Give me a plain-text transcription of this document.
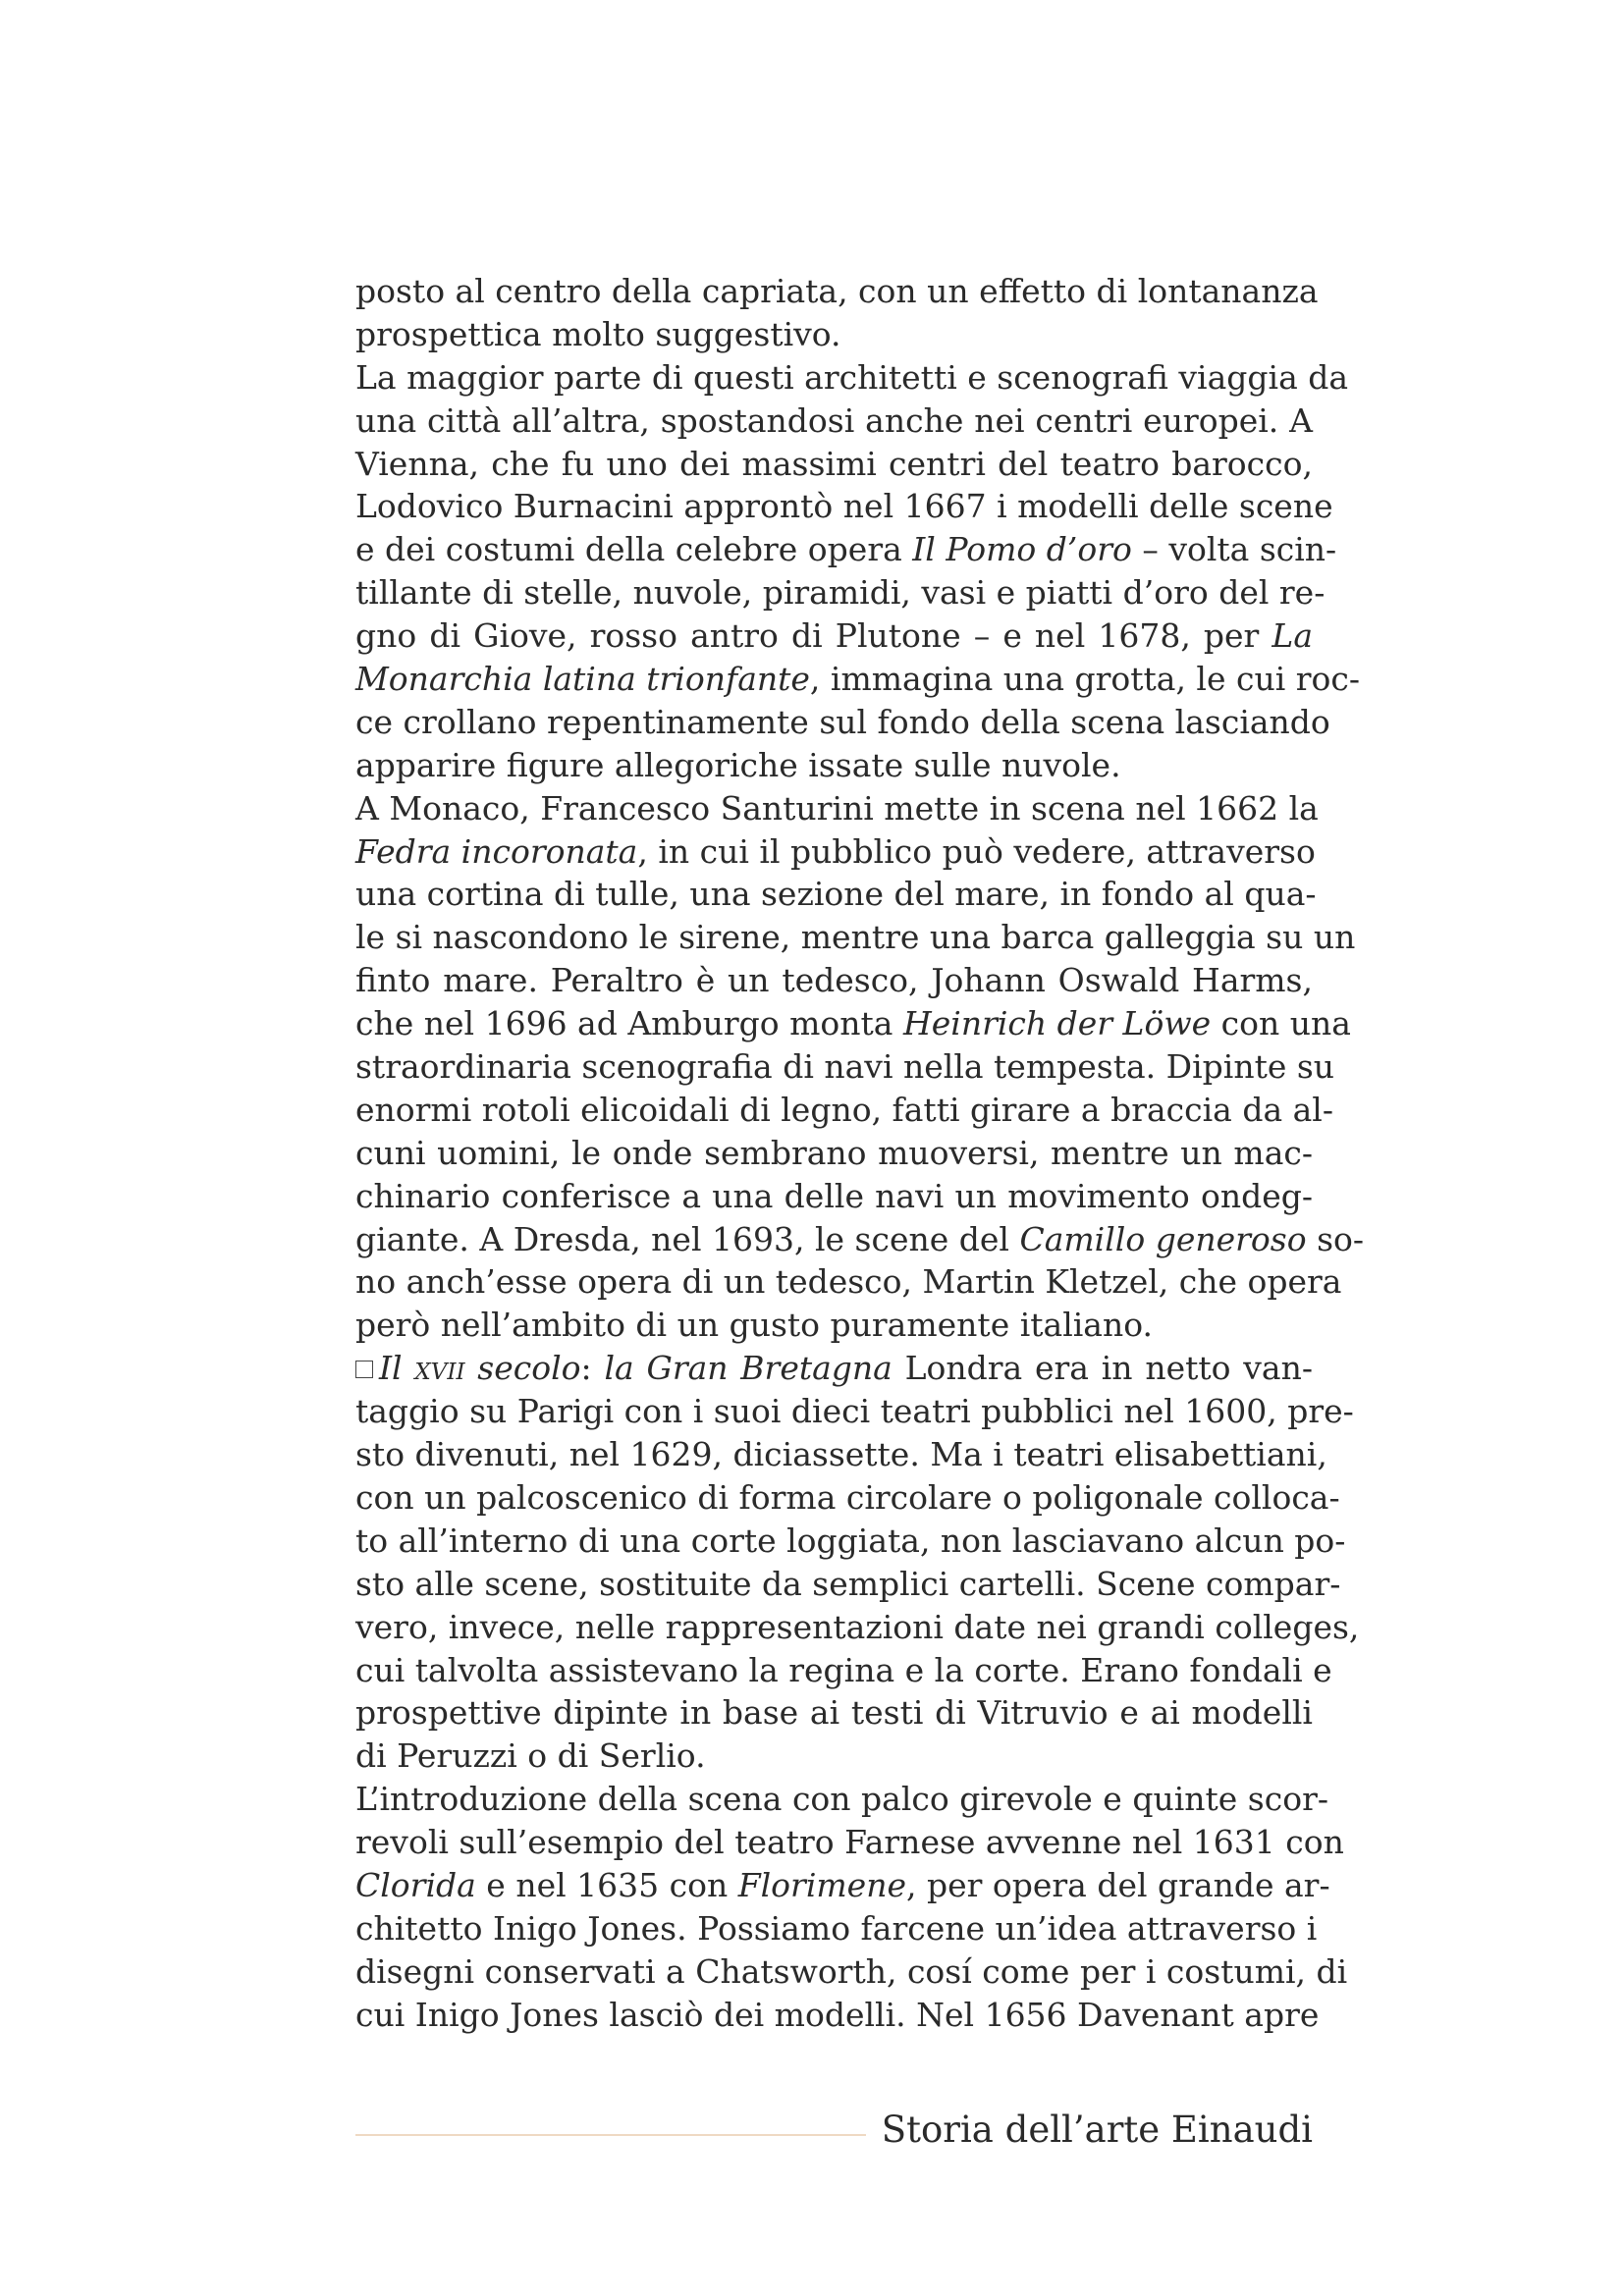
posto al centro della capriata, con un effetto di lontananza
prospettica molto suggestivo.
La maggior parte di questi architetti e scenografi viaggia da
una città all’altra, spostandosi anche nei centri europei. A
Vienna, che fu uno dei massimi centri del teatro barocco,
Lodovico Burnacini approntò nel 1667 i modelli delle scene
e dei costumi della celebre opera Il Pomo d’oro – volta scin-
tillante di stelle, nuvole, piramidi, vasi e piatti d’oro del re-
gno di Giove, rosso antro di Plutone – e nel 1678, per La
Monarchia latina trionfante, immagina una grotta, le cui roc-
ce crollano repentinamente sul fondo della scena lasciando
apparire figure allegoriche issate sulle nuvole.
A Monaco, Francesco Santurini mette in scena nel 1662 la
Fedra incoronata, in cui il pubblico può vedere, attraverso
una cortina di tulle, una sezione del mare, in fondo al qua-
le si nascondono le sirene, mentre una barca galleggia su un
finto mare. Peraltro è un tedesco, Johann Oswald Harms,
che nel 1696 ad Amburgo monta Heinrich der Löwe con una
straordinaria scenografia di navi nella tempesta. Dipinte su
enormi rotoli elicoidali di legno, fatti girare a braccia da al-
cuni uomini, le onde sembrano muoversi, mentre un mac-
chinario conferisce a una delle navi un movimento ondeg-
giante. A Dresda, nel 1693, le scene del Camillo generoso so-
no anch’esse opera di un tedesco, Martin Kletzel, che opera
però nell’ambito di un gusto puramente italiano.
Il xvii secolo: la Gran Bretagna Londra era in netto van-
taggio su Parigi con i suoi dieci teatri pubblici nel 1600, pre-
sto divenuti, nel 1629, diciassette. Ma i teatri elisabettiani,
con un palcoscenico di forma circolare o poligonale colloca-
to all’interno di una corte loggiata, non lasciavano alcun po-
sto alle scene, sostituite da semplici cartelli. Scene compar-
vero, invece, nelle rappresentazioni date nei grandi colleges,
cui talvolta assistevano la regina e la corte. Erano fondali e
prospettive dipinte in base ai testi di Vitruvio e ai modelli
di Peruzzi o di Serlio.
L’introduzione della scena con palco girevole e quinte scor-
revoli sull’esempio del teatro Farnese avvenne nel 1631 con
Clorida e nel 1635 con Florimene, per opera del grande ar-
chitetto Inigo Jones. Possiamo farcene un’idea attraverso i
disegni conservati a Chatsworth, cosí come per i costumi, di
cui Inigo Jones lasciò dei modelli. Nel 1656 Davenant apre
Storia dell’arte Einaudi
